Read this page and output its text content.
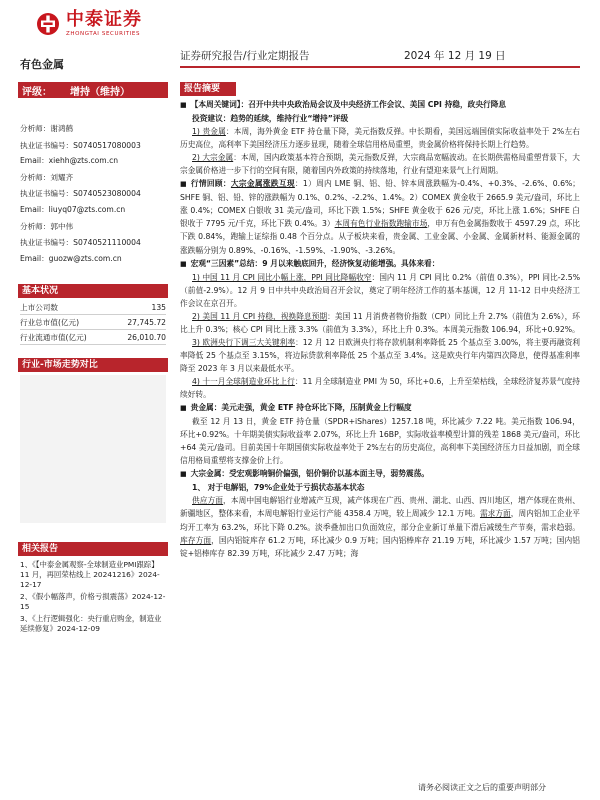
中泰证券
ZHONGTAI SECURITIES
有色金属
证券研究报告/行业定期报告	2024 年 12 月 19 日
评级： 增持（维持）
分析师：谢鸿鹤
执业证书编号：S0740517080003
Email：xiehh@zts.com.cn
分析师：刘耀齐
执业证书编号：S0740523080004
Email：liuyq07@zts.com.cn
分析师：郭中伟
执业证书编号：S0740521110004
Email：guozw@zts.com.cn
基本状况
上市公司数	135
行业总市值(亿元)	27,745.72
行业流通市值(亿元)	26,010.70
行业-市场走势对比
相关报告
1、《【中泰金属观察-全球制造业PMI跟踪】11 月，再回荣枯线上 20241216》2024-12-17
2、《假小幅落声，价格亏损震荡》2024-12-15
3、《上行逻辑强化：央行重启购金，制造业延续修复》2024-12-09
报告摘要

■ 【本周关键词】：召开中共中央政治局会议及中央经济工作会议、美国 CPI 持稳，政央行降息

投资建议：趋势的延续，维持行业“增持”评级

1) 贵金属：本周，海外黄金 ETF 持仓量下降，美元指数反弹。中长期看，美国远端国债实际收益率处于 2%左右历史高位，高利率下美国经济压力逐步显现，随着全球信用格局重塑，贵金属价格将保持长期上行趋势。

2) 大宗金属：本周，国内政策基本符合预期，美元指数反弹，大宗商品宽幅波动。在长期供需格局重塑背景下，大宗金属价格进一步下行的空间有限，随着国内外政策的持续落地，行业有望迎来景气上行周期。

■ 行情回顾：大宗金属涨跌互现：1）周内 LME 铜、铝、铅、锌本周涨跌幅为-0.4%、+0.3%、-2.6%、0.6%；SHFE 铜、铝、铅、锌的涨跌幅为 0.1%、0.2%、-2.2%、1.4%。2）COMEX 黄金收于 2665.9 美元/盎司，环比上涨 0.4%；COMEX 白银收 31 美元/盎司，环比下跌 1.5%；SHFE 黄金收于 626 元/克，环比上涨 1.6%；SHFE 白银收于 7795 元/千克，环比下跌 0.4%。3）本周有色行业指数跑输市场，申万有色金属指数收于 4597.29 点，环比下跌 0.84%，跑输上证综指 0.48 个百分点。从子板块来看，贵金属、工业金属、小金属、金属新材料、能源金属的涨跌幅分别为 0.89%、-0.16%、-1.59%、-1.90%、-3.26%。

■ 宏观“三因素”总结：9 月以来触底回升，经济恢复动能增强。具体来看：

1) 中国 11 月 CPI 同比小幅上涨，PPI 同比降幅收窄：国内 11 月 CPI 同比 0.2%（前值 0.3%），PPI 同比-2.5%（前值-2.9%）。12 月 9 日中共中央政治局召开会议，奠定了明年经济工作的基本基调，12 月 11-12 日中央经济工作会议在京召开。

2) 美国 11 月 CPI 持稳，视换降息预期：美国 11 月消费者物价指数（CPI）同比上升 2.7%（前值为 2.6%），环比上升 0.3%；核心 CPI 同比上涨 3.3%（前值为 3.3%），环比上升 0.3%。本周美元指数 106.94，环比+0.92%。

3) 欧洲央行下调三大关键利率：12 月 12 日欧洲央行将存款机制利率降低 25 个基点至 3.00%，将主要再融资利率降低 25 个基点至 3.15%，将边际贷款利率降低 25 个基点至 3.4%。这是欧央行年内第四次降息，使得基准利率降至 2023 年 3 月以来最低水平。

4) 十一月全球制造业环比上行：11 月全球制造业 PMI 为 50，环比+0.6，上升至荣枯线，全球经济复苏景气度持续好转。

■ 贵金属：美元走强，黄金 ETF 持仓环比下降，压制黄金上行幅度

截至 12 月 13 日，黄金 ETF 持仓量（SPDR+iShares）1257.18 吨，环比减少 7.22 吨。美元指数 106.94，环比+0.92%。十年期美债实际收益率 2.07%，环比上升 16BP，实际收益率模型计算的残差 1868 美元/盎司，环比+64 美元/盎司。目前美国十年期国债实际收益率处于 2%左右的历史高位，高利率下美国经济压力日益加剧，而全球信用格局重塑将支撑金价上行。

■ 大宗金属：受宏观影响铜价偏强，铝价铜价以基本面主导，弱势震荡。

1、 对于电解铝，79%企业处于亏损状态基本状态

供应方面，本周中国电解铝行业增减产互现，减产体现在广西、贵州、湖北、山西、四川地区，增产体现在贵州、新疆地区，整体来看，本周电解铝行业运行产能 4358.4 万吨，较上周减少 12.1 万吨。需求方面，周内铝加工企业平均开工率为 63.2%，环比下降 0.2%。淡季叠加出口负面效应，部分企业新订单量下滑后减缓生产节奏，需求趋弱。库存方面，国内铝锭库存 61.2 万吨，环比减少 0.9 万吨；国内铝棒库存 21.19 万吨，环比减少 1.57 万吨；国内铝锭+铝棒库存 82.39 万吨，环比减少 2.47 万吨；海

请务必阅读正文之后的重要声明部分
